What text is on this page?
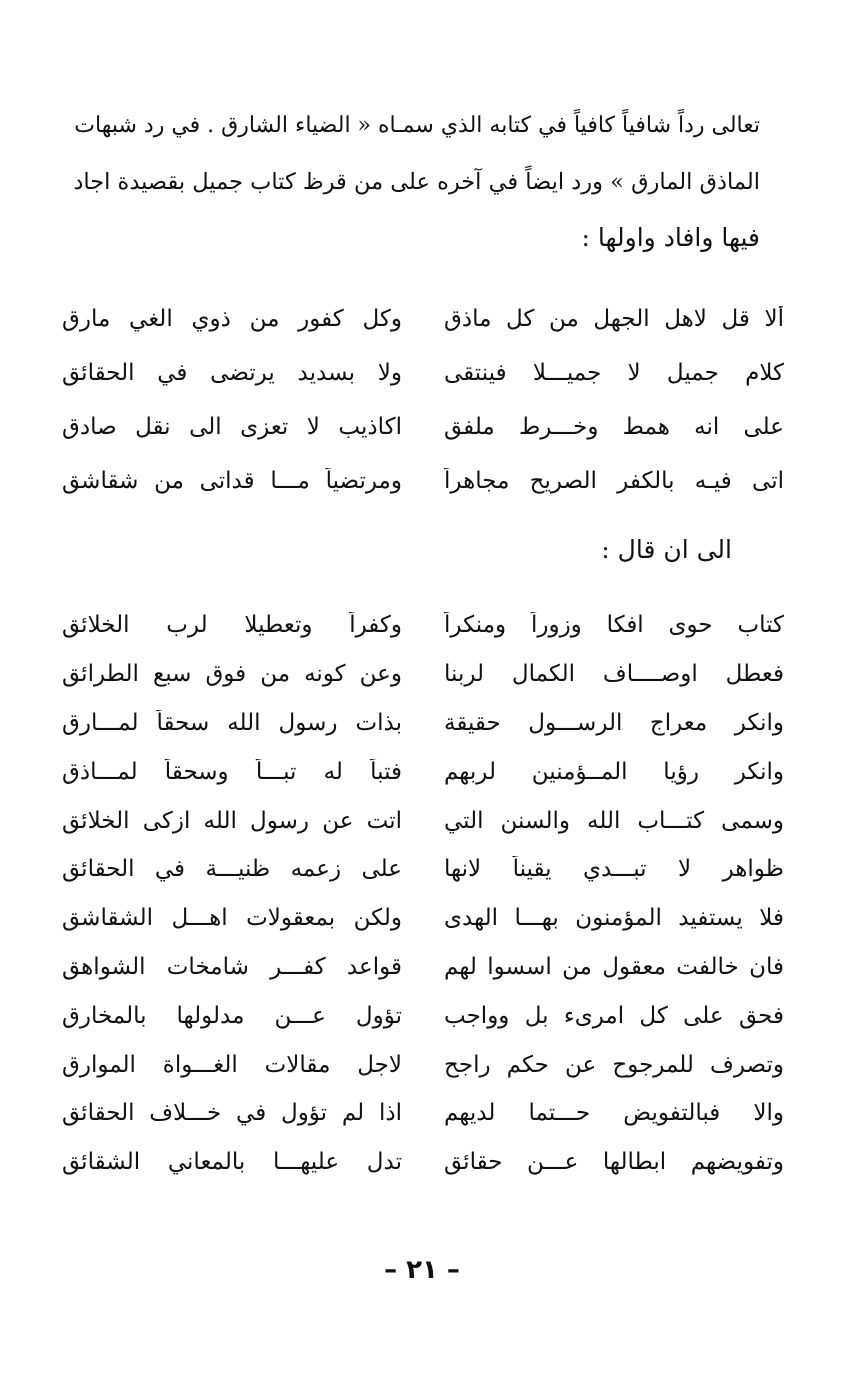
تعالى رداً شافياً كافياً في كتابه الذي سمـاه « الضياء الشارق . في رد شبهات

الماذق المارق » ورد ايضاً في آخره على من قرظ كتاب جميل بقصيدة اجاد

فيها وافاد واولها :

ألا قل لاهل الجهل من كل ماذق
وكل كفور من ذوي الغي مارق
كلام جميل لا جميـــلا فينتقى
ولا بسديد يرتضى في الحقائق
على انه همط وخـــرط ملفق
اكاذيب لا تعزى الى نقل صادق
اتى فيـه بالكفر الصريح مجاهراً
ومرتضياً مـــا قداتى من شقاشق
الى ان قال :
كتاب حوى افكا وزوراً ومنكراً
وكفراً وتعطيلا لرب الخلائق
فعطل اوصــــاف الكمال لربنا
وعن كونه من فوق سبع الطرائق
وانكر معراج الرســـول حقيقة
بذات رسول الله سحقاً لمـــارق
وانكر رؤيا المــؤمنين لربهم
فتباً له تبـــاً وسحقاً لمـــاذق
وسمى كتـــاب الله والسنن التي
اتت عن رسول الله ازكى الخلائق
ظواهر لا تبـــدي يقيناً لانها
على زعمه ظنيـــة في الحقائق
فلا يستفيد المؤمنون بهـــا الهدى
ولكن بمعقولات اهـــل الشقاشق
فان خالفت معقول من اسسوا لهم
قواعد كفـــر شامخات الشواهق
فحق على كل امرىء بل وواجب
تؤول عـــن مدلولها بالمخارق
وتصرف للمرجوح عن حكم راجح
لاجل مقالات الغـــواة الموارق
والا فبالتفويض حـــتما لديهم
اذا لم تؤول في خـــلاف الحقائق
وتفويضهم ابطالها عـــن حقائق
تدل عليهـــا بالمعاني الشقائق
– ٢١ –
